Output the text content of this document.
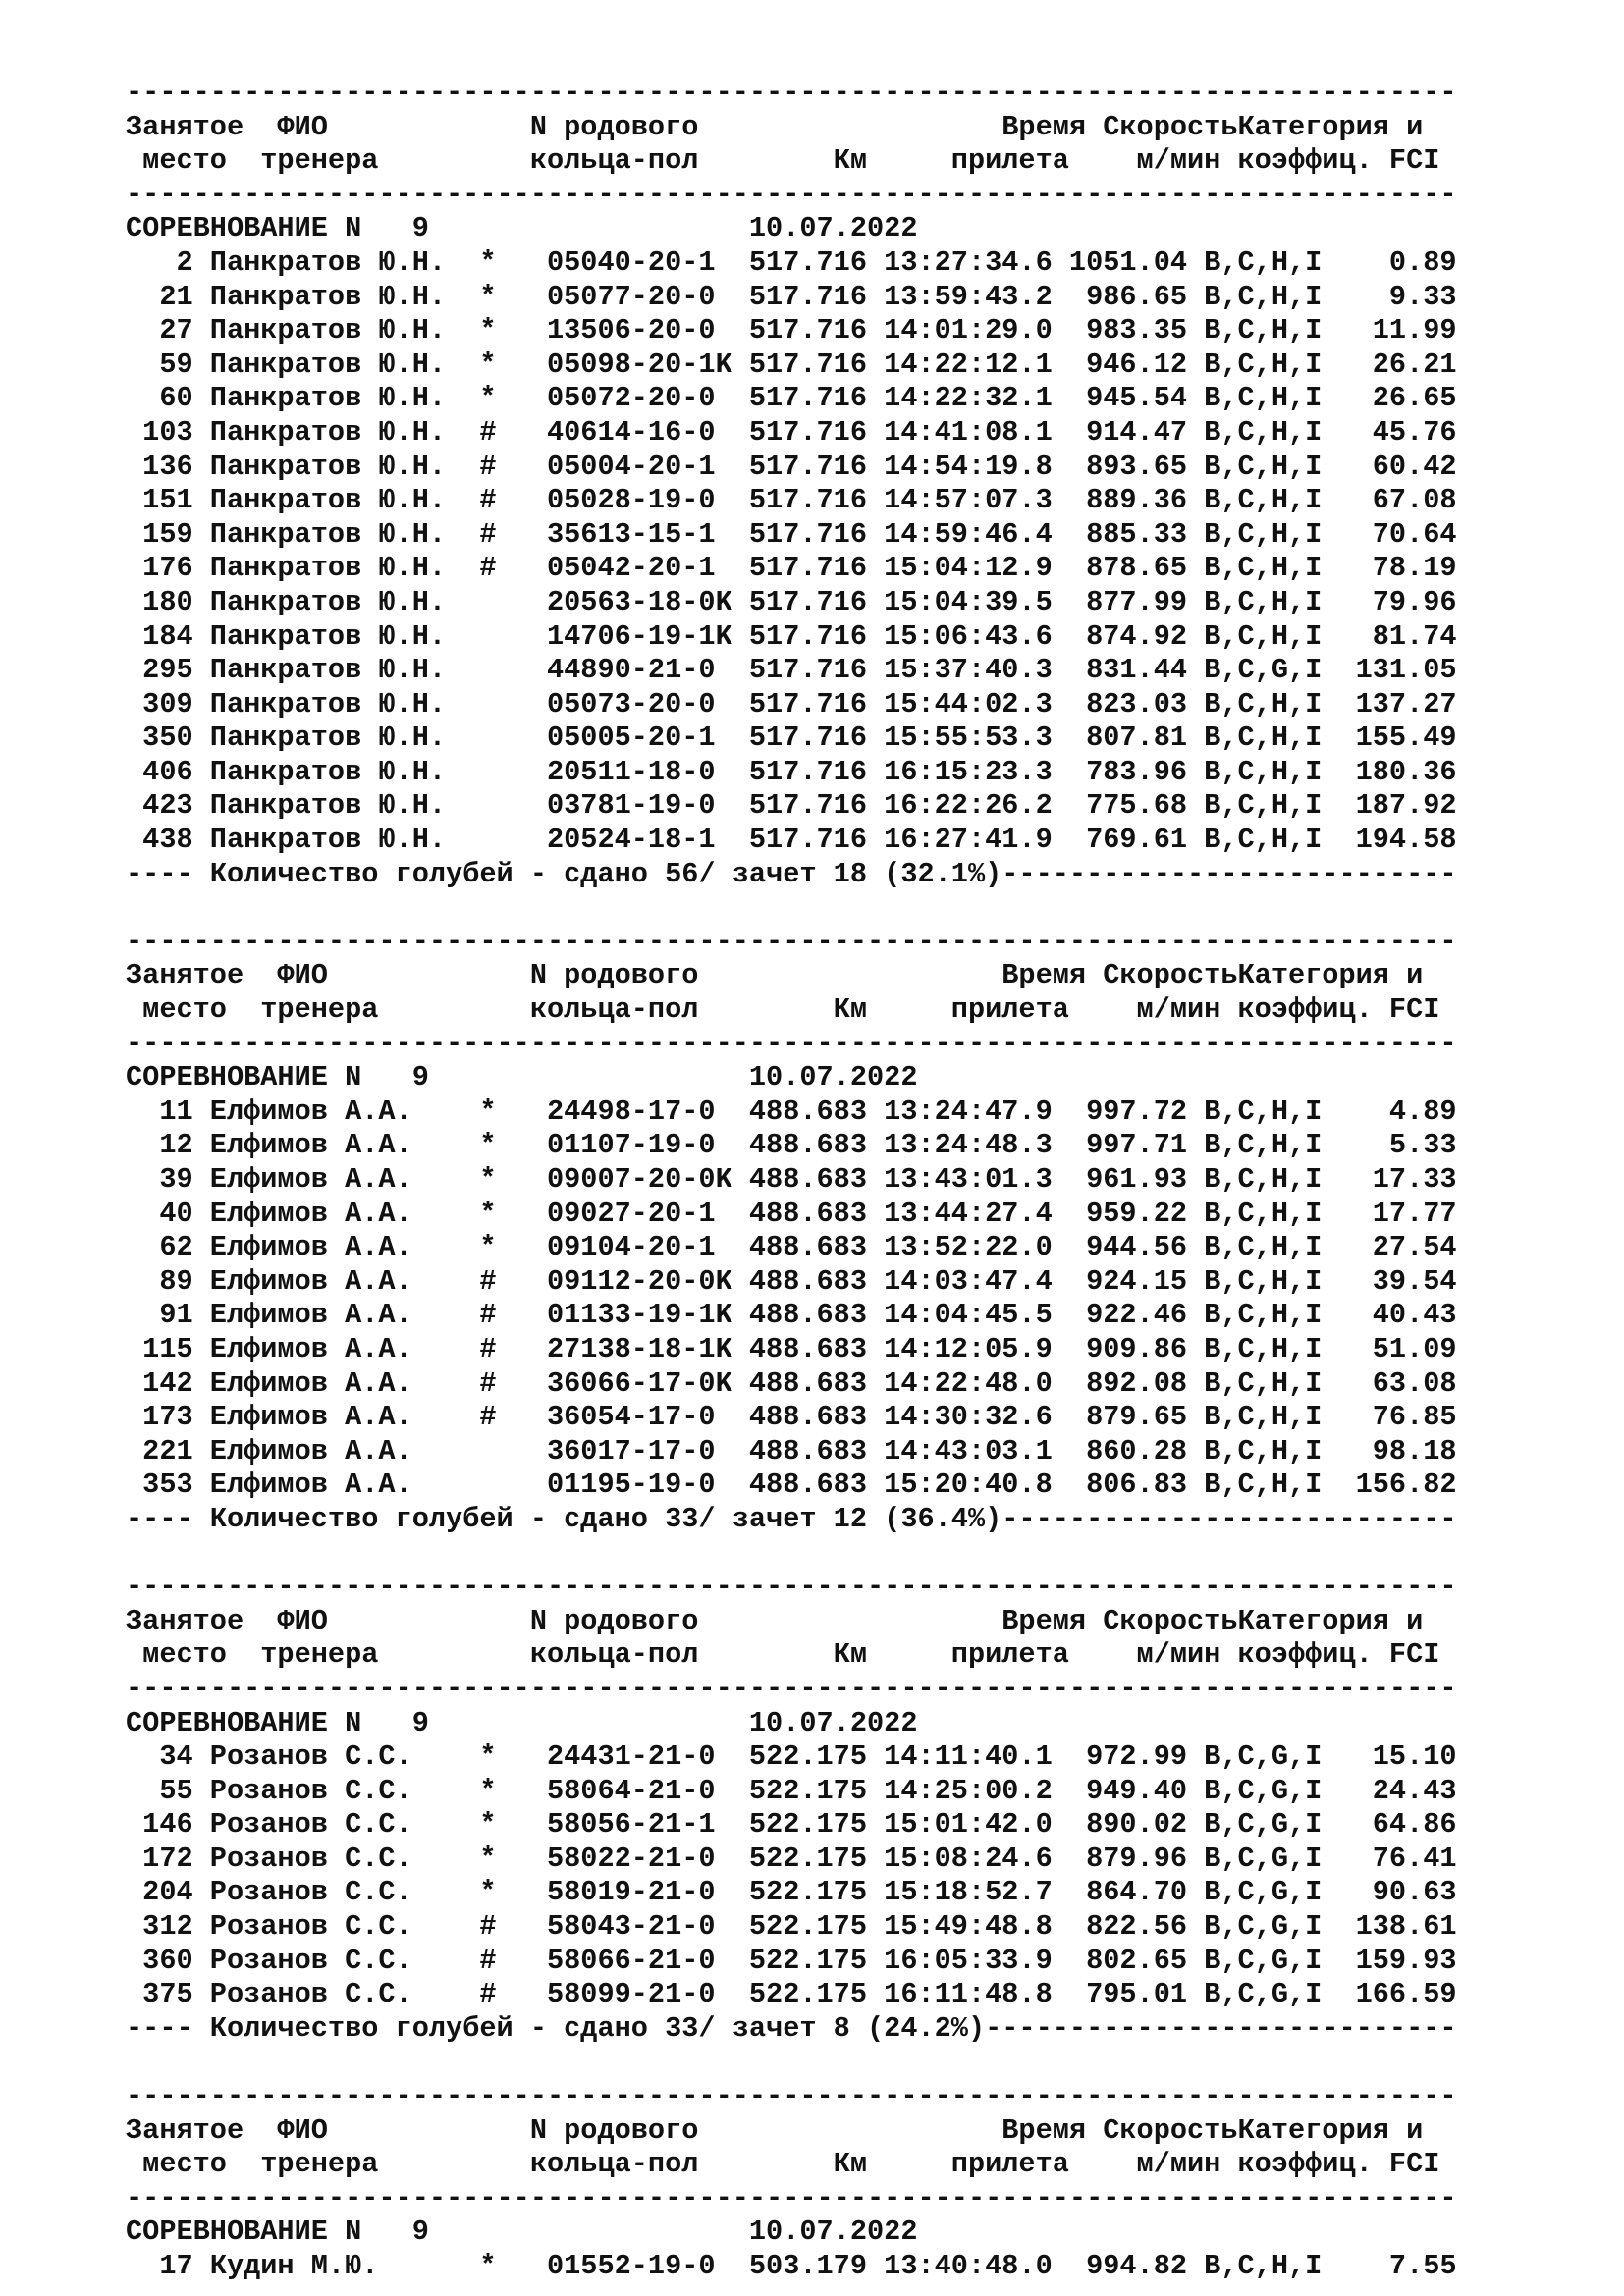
-------------------------------------------------------------------------------
Занятое  ФИО            N родового                  Время СкоростьКатегория и
место  тренера         кольца-пол        Км     прилета    м/мин коэффиц. FCI
-------------------------------------------------------------------------------
СОРЕВНОВАНИЕ N   9                   10.07.2022
2 Панкратов Ю.Н.  *   05040-20-1  517.716 13:27:34.6 1051.04 B,C,H,I    0.89
21 Панкратов Ю.Н.  *   05077-20-0  517.716 13:59:43.2  986.65 B,C,H,I    9.33
27 Панкратов Ю.Н.  *   13506-20-0  517.716 14:01:29.0  983.35 B,C,H,I   11.99
59 Панкратов Ю.Н.  *   05098-20-1K 517.716 14:22:12.1  946.12 B,C,H,I   26.21
60 Панкратов Ю.Н.  *   05072-20-0  517.716 14:22:32.1  945.54 B,C,H,I   26.65
103 Панкратов Ю.Н.  #   40614-16-0  517.716 14:41:08.1  914.47 B,C,H,I   45.76
136 Панкратов Ю.Н.  #   05004-20-1  517.716 14:54:19.8  893.65 B,C,H,I   60.42
151 Панкратов Ю.Н.  #   05028-19-0  517.716 14:57:07.3  889.36 B,C,H,I   67.08
159 Панкратов Ю.Н.  #   35613-15-1  517.716 14:59:46.4  885.33 B,C,H,I   70.64
176 Панкратов Ю.Н.  #   05042-20-1  517.716 15:04:12.9  878.65 B,C,H,I   78.19
180 Панкратов Ю.Н.      20563-18-0K 517.716 15:04:39.5  877.99 B,C,H,I   79.96
184 Панкратов Ю.Н.      14706-19-1K 517.716 15:06:43.6  874.92 B,C,H,I   81.74
295 Панкратов Ю.Н.      44890-21-0  517.716 15:37:40.3  831.44 B,C,G,I  131.05
309 Панкратов Ю.Н.      05073-20-0  517.716 15:44:02.3  823.03 B,C,H,I  137.27
350 Панкратов Ю.Н.      05005-20-1  517.716 15:55:53.3  807.81 B,C,H,I  155.49
406 Панкратов Ю.Н.      20511-18-0  517.716 16:15:23.3  783.96 B,C,H,I  180.36
423 Панкратов Ю.Н.      03781-19-0  517.716 16:22:26.2  775.68 B,C,H,I  187.92
438 Панкратов Ю.Н.      20524-18-1  517.716 16:27:41.9  769.61 B,C,H,I  194.58
---- Количество голубей - сдано 56/ зачет 18 (32.1%)---------------------------
-------------------------------------------------------------------------------
Занятое  ФИО            N родового                  Время СкоростьКатегория и
место  тренера         кольца-пол        Км     прилета    м/мин коэффиц. FCI
-------------------------------------------------------------------------------
СОРЕВНОВАНИЕ N   9                   10.07.2022
11 Елфимов А.А.    *   24498-17-0  488.683 13:24:47.9  997.72 B,C,H,I    4.89
12 Елфимов А.А.    *   01107-19-0  488.683 13:24:48.3  997.71 B,C,H,I    5.33
39 Елфимов А.А.    *   09007-20-0K 488.683 13:43:01.3  961.93 B,C,H,I   17.33
40 Елфимов А.А.    *   09027-20-1  488.683 13:44:27.4  959.22 B,C,H,I   17.77
62 Елфимов А.А.    *   09104-20-1  488.683 13:52:22.0  944.56 B,C,H,I   27.54
89 Елфимов А.А.    #   09112-20-0K 488.683 14:03:47.4  924.15 B,C,H,I   39.54
91 Елфимов А.А.    #   01133-19-1K 488.683 14:04:45.5  922.46 B,C,H,I   40.43
115 Елфимов А.А.    #   27138-18-1K 488.683 14:12:05.9  909.86 B,C,H,I   51.09
142 Елфимов А.А.    #   36066-17-0K 488.683 14:22:48.0  892.08 B,C,H,I   63.08
173 Елфимов А.А.    #   36054-17-0  488.683 14:30:32.6  879.65 B,C,H,I   76.85
221 Елфимов А.А.        36017-17-0  488.683 14:43:03.1  860.28 B,C,H,I   98.18
353 Елфимов А.А.        01195-19-0  488.683 15:20:40.8  806.83 B,C,H,I  156.82
---- Количество голубей - сдано 33/ зачет 12 (36.4%)---------------------------
-------------------------------------------------------------------------------
Занятое  ФИО            N родового                  Время СкоростьКатегория и
место  тренера         кольца-пол        Км     прилета    м/мин коэффиц. FCI
-------------------------------------------------------------------------------
СОРЕВНОВАНИЕ N   9                   10.07.2022
34 Розанов С.С.    *   24431-21-0  522.175 14:11:40.1  972.99 B,C,G,I   15.10
55 Розанов С.С.    *   58064-21-0  522.175 14:25:00.2  949.40 B,C,G,I   24.43
146 Розанов С.С.    *   58056-21-1  522.175 15:01:42.0  890.02 B,C,G,I   64.86
172 Розанов С.С.    *   58022-21-0  522.175 15:08:24.6  879.96 B,C,G,I   76.41
204 Розанов С.С.    *   58019-21-0  522.175 15:18:52.7  864.70 B,C,G,I   90.63
312 Розанов С.С.    #   58043-21-0  522.175 15:49:48.8  822.56 B,C,G,I  138.61
360 Розанов С.С.    #   58066-21-0  522.175 16:05:33.9  802.65 B,C,G,I  159.93
375 Розанов С.С.    #   58099-21-0  522.175 16:11:48.8  795.01 B,C,G,I  166.59
---- Количество голубей - сдано 33/ зачет 8 (24.2%)----------------------------
-------------------------------------------------------------------------------
Занятое  ФИО            N родового                  Время СкоростьКатегория и
место  тренера         кольца-пол        Км     прилета    м/мин коэффиц. FCI
-------------------------------------------------------------------------------
СОРЕВНОВАНИЕ N   9                   10.07.2022
17 Кудин М.Ю.      *   01552-19-0  503.179 13:40:48.0  994.82 B,C,H,I    7.55
